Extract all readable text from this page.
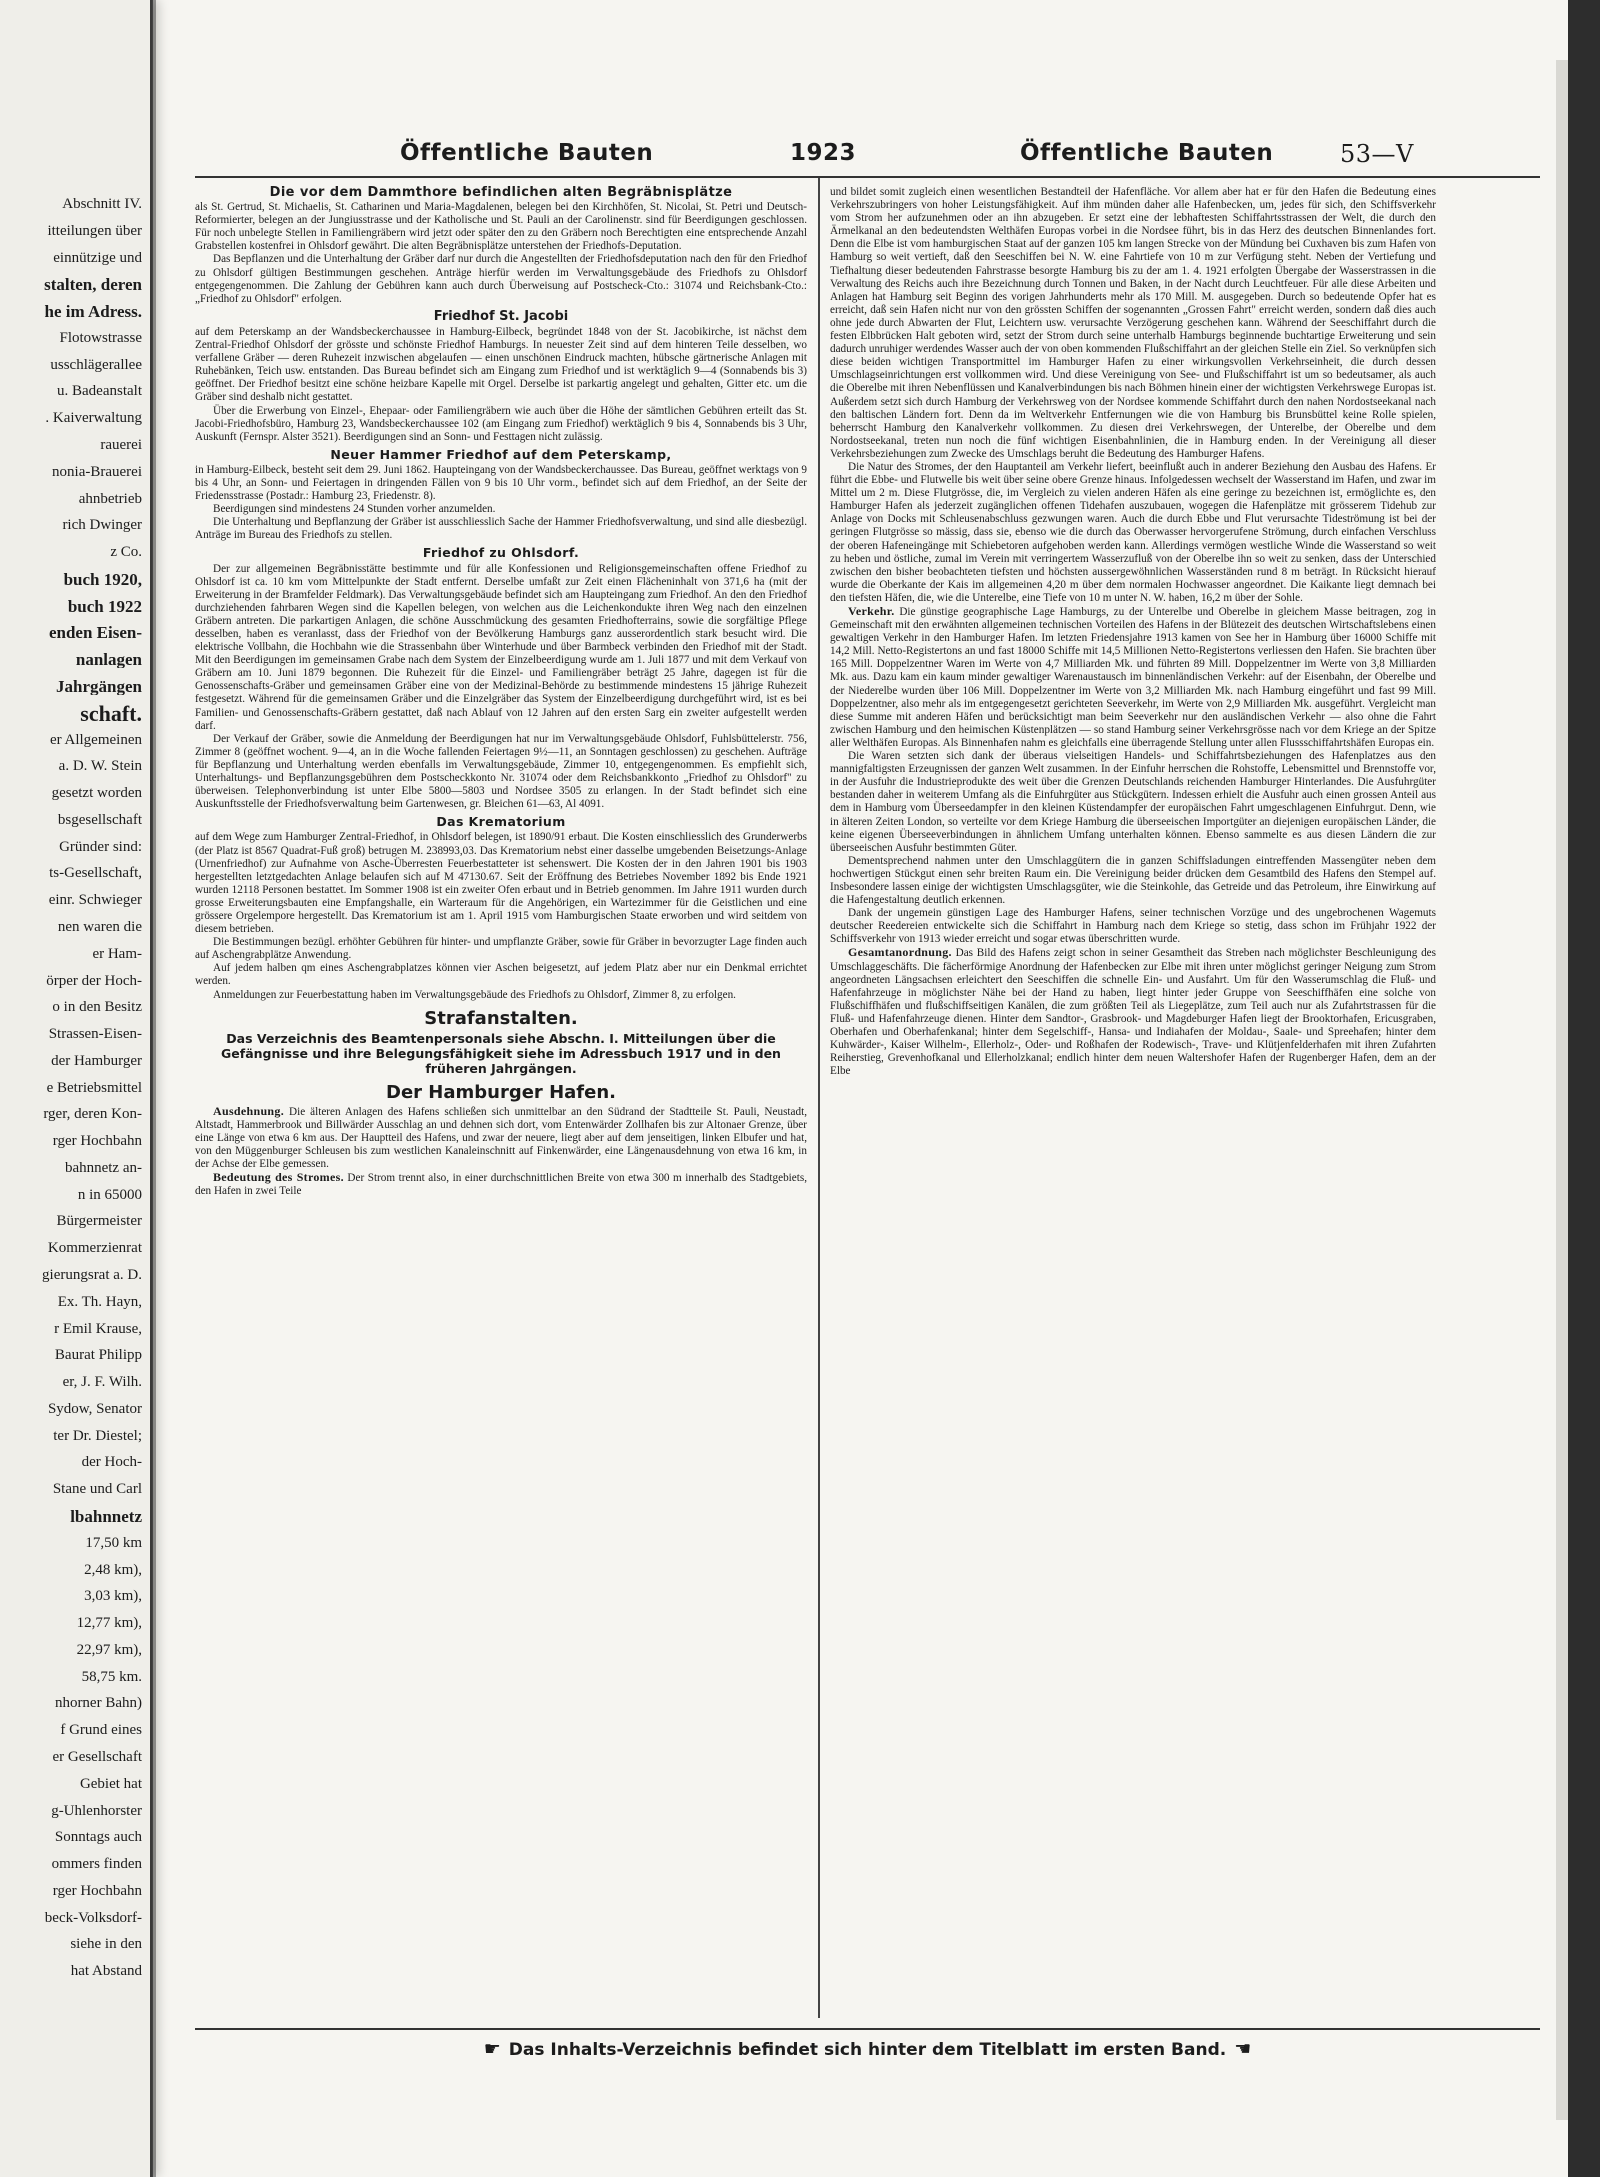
Abschnitt IV.
itteilungen über
einnützige und
stalten, deren
he im Adress.
Flotowstrasse
usschlägerallee
u. Badeanstalt
. Kaiverwaltung
rauerei
nonia-Brauerei
ahnbetrieb
rich Dwinger
z Co.
buch 1920,
buch 1922
enden Eisen-
nanlagen
Jahrgängen
schaft.
er Allgemeinen
a. D. W. Stein
gesetzt worden
bsgesellschaft
Gründer sind:
ts-Gesellschaft,
einr. Schwieger
nen waren die
er Ham-
örper der Hoch-
o in den Besitz
Strassen-Eisen-
der Hamburger
e Betriebsmittel
rger, deren Kon-
rger Hochbahn
bahnnetz an-
n in 65000
Bürgermeister
Kommerzienrat
gierungsrat a. D.
Ex. Th. Hayn,
r Emil Krause,
Baurat Philipp
er, J. F. Wilh.
Sydow, Senator
ter Dr. Diestel;
der Hoch-
Stane und Carl
lbahnnetz
17,50 km
2,48 km),
3,03 km),
12,77 km),
22,97 km),
58,75 km.
nhorner Bahn)
f Grund eines
er Gesellschaft
Gebiet hat
g-Uhlenhorster
Sonntags auch
ommers finden
rger Hochbahn
beck-Volksdorf-
siehe in den
hat Abstand
Öffentliche Bauten	1923	Öffentliche Bauten	53—V
Die vor dem Dammthore befindlichen alten Begräbnisplätze

als St. Gertrud, St. Michaelis, St. Catharinen und Maria-Magdalenen, belegen bei den Kirchhöfen, St. Nicolai, St. Petri und Deutsch-Reformierter, belegen an der Jungiusstrasse und der Katholische und St. Pauli an der Carolinenstr. sind für Beerdigungen geschlossen. Für noch unbelegte Stellen in Familiengräbern wird jetzt oder später den zu den Gräbern noch Berechtigten eine entsprechende Anzahl Grabstellen kostenfrei in Ohlsdorf gewährt. Die alten Begräbnisplätze unterstehen der Friedhofs-Deputation.

Das Bepflanzen und die Unterhaltung der Gräber darf nur durch die Angestellten der Friedhofsdeputation nach den für den Friedhof zu Ohlsdorf gültigen Bestimmungen geschehen. Anträge hierfür werden im Verwaltungsgebäude des Friedhofs zu Ohlsdorf entgegengenommen. Die Zahlung der Gebühren kann auch durch Überweisung auf Postscheck-Cto.: 31074 und Reichsbank-Cto.: „Friedhof zu Ohlsdorf" erfolgen.

Friedhof St. Jacobi

auf dem Peterskamp an der Wandsbeckerchaussee in Hamburg-Eilbeck, begründet 1848 von der St. Jacobikirche, ist nächst dem Zentral-Friedhof Ohlsdorf der grösste und schönste Friedhof Hamburgs. In neuester Zeit sind auf dem hinteren Teile desselben, wo verfallene Gräber — deren Ruhezeit inzwischen abgelaufen — einen unschönen Eindruck machten, hübsche gärtnerische Anlagen mit Ruhebänken, Teich usw. entstanden. Das Bureau befindet sich am Eingang zum Friedhof und ist werktäglich 9—4 (Sonnabends bis 3) geöffnet. Der Friedhof besitzt eine schöne heizbare Kapelle mit Orgel. Derselbe ist parkartig angelegt und gehalten, Gitter etc. um die Gräber sind deshalb nicht gestattet.

Über die Erwerbung von Einzel-, Ehepaar- oder Familiengräbern wie auch über die Höhe der sämtlichen Gebühren erteilt das St. Jacobi-Friedhofsbüro, Hamburg 23, Wandsbeckerchaussee 102 (am Eingang zum Friedhof) werktäglich 9 bis 4, Sonnabends bis 3 Uhr, Auskunft (Fernspr. Alster 3521). Beerdigungen sind an Sonn- und Festtagen nicht zulässig.

Neuer Hammer Friedhof auf dem Peterskamp,

in Hamburg-Eilbeck, besteht seit dem 29. Juni 1862. Haupteingang von der Wandsbeckerchaussee. Das Bureau, geöffnet werktags von 9 bis 4 Uhr, an Sonn- und Feiertagen in dringenden Fällen von 9 bis 10 Uhr vorm., befindet sich auf dem Friedhof, an der Seite der Friedensstrasse (Postadr.: Hamburg 23, Friedenstr. 8).

Beerdigungen sind mindestens 24 Stunden vorher anzumelden.

Die Unterhaltung und Bepflanzung der Gräber ist ausschliesslich Sache der Hammer Friedhofsverwaltung, und sind alle diesbezügl. Anträge im Bureau des Friedhofs zu stellen.

Friedhof zu Ohlsdorf.

Der zur allgemeinen Begräbnisstätte bestimmte und für alle Konfessionen und Religionsgemeinschaften offene Friedhof zu Ohlsdorf ist ca. 10 km vom Mittelpunkte der Stadt entfernt. Derselbe umfaßt zur Zeit einen Flächeninhalt von 371,6 ha (mit der Erweiterung in der Bramfelder Feldmark). Das Verwaltungsgebäude befindet sich am Haupteingang zum Friedhof. An den den Friedhof durchziehenden fahrbaren Wegen sind die Kapellen belegen, von welchen aus die Leichenkondukte ihren Weg nach den einzelnen Gräbern antreten. Die parkartigen Anlagen, die schöne Ausschmückung des gesamten Friedhofterrains, sowie die sorgfältige Pflege desselben, haben es veranlasst, dass der Friedhof von der Bevölkerung Hamburgs ganz ausserordentlich stark besucht wird. Die elektrische Vollbahn, die Hochbahn wie die Strassenbahn über Winterhude und über Barmbeck verbinden den Friedhof mit der Stadt. Mit den Beerdigungen im gemeinsamen Grabe nach dem System der Einzelbeerdigung wurde am 1. Juli 1877 und mit dem Verkauf von Gräbern am 10. Juni 1879 begonnen. Die Ruhezeit für die Einzel- und Familiengräber beträgt 25 Jahre, dagegen ist für die Genossenschafts-Gräber und gemeinsamen Gräber eine von der Medizinal-Behörde zu bestimmende mindestens 15 jährige Ruhezeit festgesetzt. Während für die gemeinsamen Gräber und die Einzelgräber das System der Einzelbeerdigung durchgeführt wird, ist es bei Familien- und Genossenschafts-Gräbern gestattet, daß nach Ablauf von 12 Jahren auf den ersten Sarg ein zweiter aufgestellt werden darf.

Der Verkauf der Gräber, sowie die Anmeldung der Beerdigungen hat nur im Verwaltungsgebäude Ohlsdorf, Fuhlsbüttelerstr. 756, Zimmer 8 (geöffnet wochent. 9—4, an in die Woche fallenden Feiertagen 9½—11, an Sonntagen geschlossen) zu geschehen. Aufträge für Bepflanzung und Unterhaltung werden ebenfalls im Verwaltungsgebäude, Zimmer 10, entgegengenommen. Es empfiehlt sich, Unterhaltungs- und Bepflanzungsgebühren dem Postscheckkonto Nr. 31074 oder dem Reichsbankkonto „Friedhof zu Ohlsdorf" zu überweisen. Telephonverbindung ist unter Elbe 5800—5803 und Nordsee 3505 zu erlangen. In der Stadt befindet sich eine Auskunftsstelle der Friedhofsverwaltung beim Gartenwesen, gr. Bleichen 61—63, Al 4091.

Das Krematorium

auf dem Wege zum Hamburger Zentral-Friedhof, in Ohlsdorf belegen, ist 1890/91 erbaut. Die Kosten einschliesslich des Grunderwerbs (der Platz ist 8567 Quadrat-Fuß groß) betrugen M. 238993,03. Das Krematorium nebst einer dasselbe umgebenden Beisetzungs-Anlage (Urnenfriedhof) zur Aufnahme von Asche-Überresten Feuerbestatteter ist sehenswert. Die Kosten der in den Jahren 1901 bis 1903 hergestellten letztgedachten Anlage belaufen sich auf M 47130.67. Seit der Eröffnung des Betriebes November 1892 bis Ende 1921 wurden 12118 Personen bestattet. Im Sommer 1908 ist ein zweiter Ofen erbaut und in Betrieb genommen. Im Jahre 1911 wurden durch grosse Erweiterungsbauten eine Empfangshalle, ein Warteraum für die Angehörigen, ein Wartezimmer für die Geistlichen und eine grössere Orgelempore hergestellt. Das Krematorium ist am 1. April 1915 vom Hamburgischen Staate erworben und wird seitdem von diesem betrieben.

Die Bestimmungen bezügl. erhöhter Gebühren für hinter- und umpflanzte Gräber, sowie für Gräber in bevorzugter Lage finden auch auf Aschengrabplätze Anwendung.

Auf jedem halben qm eines Aschengrabplatzes können vier Aschen beigesetzt, auf jedem Platz aber nur ein Denkmal errichtet werden.

Anmeldungen zur Feuerbestattung haben im Verwaltungsgebäude des Friedhofs zu Ohlsdorf, Zimmer 8, zu erfolgen.

Strafanstalten.
Das Verzeichnis des Beamtenpersonals siehe Abschn. I. Mitteilungen über die Gefängnisse und ihre Belegungsfähigkeit siehe im Adressbuch 1917 und in den früheren Jahrgängen.
Der Hamburger Hafen.

Ausdehnung. Die älteren Anlagen des Hafens schließen sich unmittelbar an den Südrand der Stadtteile St. Pauli, Neustadt, Altstadt, Hammerbrook und Billwärder Ausschlag an und dehnen sich dort, vom Entenwärder Zollhafen bis zur Altonaer Grenze, über eine Länge von etwa 6 km aus. Der Hauptteil des Hafens, und zwar der neuere, liegt aber auf dem jenseitigen, linken Elbufer und hat, von den Müggenburger Schleusen bis zum westlichen Kanaleinschnitt auf Finkenwärder, eine Längenausdehnung von etwa 16 km, in der Achse der Elbe gemessen.

Bedeutung des Stromes. Der Strom trennt also, in einer durchschnittlichen Breite von etwa 300 m innerhalb des Stadtgebiets, den Hafen in zwei Teile

und bildet somit zugleich einen wesentlichen Bestandteil der Hafenfläche. Vor allem aber hat er für den Hafen die Bedeutung eines Verkehrszubringers von hoher Leistungsfähigkeit. Auf ihm münden daher alle Hafenbecken, um, jedes für sich, den Schiffsverkehr vom Strom her aufzunehmen oder an ihn abzugeben. Er setzt eine der lebhaftesten Schiffahrtsstrassen der Welt, die durch den Ärmelkanal an den bedeutendsten Welthäfen Europas vorbei in die Nordsee führt, bis in das Herz des deutschen Binnenlandes fort. Denn die Elbe ist vom hamburgischen Staat auf der ganzen 105 km langen Strecke von der Mündung bei Cuxhaven bis zum Hafen von Hamburg so weit vertieft, daß den Seeschiffen bei N. W. eine Fahrtiefe von 10 m zur Verfügung steht. Neben der Vertiefung und Tiefhaltung dieser bedeutenden Fahrstrasse besorgte Hamburg bis zu der am 1. 4. 1921 erfolgten Übergabe der Wasserstrassen in die Verwaltung des Reichs auch ihre Bezeichnung durch Tonnen und Baken, in der Nacht durch Leuchtfeuer. Für alle diese Arbeiten und Anlagen hat Hamburg seit Beginn des vorigen Jahrhunderts mehr als 170 Mill. M. ausgegeben. Durch so bedeutende Opfer hat es erreicht, daß sein Hafen nicht nur von den grössten Schiffen der sogenannten „Grossen Fahrt" erreicht werden, sondern daß dies auch ohne jede durch Abwarten der Flut, Leichtern usw. verursachte Verzögerung geschehen kann. Während der Seeschiffahrt durch die festen Elbbrücken Halt geboten wird, setzt der Strom durch seine unterhalb Hamburgs beginnende buchtartige Erweiterung und sein dadurch unruhiger werdendes Wasser auch der von oben kommenden Flußschiffahrt an der gleichen Stelle ein Ziel. So verknüpfen sich diese beiden wichtigen Transportmittel im Hamburger Hafen zu einer wirkungsvollen Verkehrseinheit, die durch dessen Umschlagseinrichtungen erst vollkommen wird. Und diese Vereinigung von See- und Flußschiffahrt ist um so bedeutsamer, als auch die Oberelbe mit ihren Nebenflüssen und Kanalverbindungen bis nach Böhmen hinein einer der wichtigsten Verkehrswege Europas ist. Außerdem setzt sich durch Hamburg der Verkehrsweg von der Nordsee kommende Schiffahrt durch den nahen Nordostseekanal nach den baltischen Ländern fort. Denn da im Weltverkehr Entfernungen wie die von Hamburg bis Brunsbüttel keine Rolle spielen, beherrscht Hamburg den Kanalverkehr vollkommen. Zu diesen drei Verkehrswegen, der Unterelbe, der Oberelbe und dem Nordostseekanal, treten nun noch die fünf wichtigen Eisenbahnlinien, die in Hamburg enden. In der Vereinigung all dieser Verkehrsbeziehungen zum Zwecke des Umschlags beruht die Bedeutung des Hamburger Hafens.

Die Natur des Stromes, der den Hauptanteil am Verkehr liefert, beeinflußt auch in anderer Beziehung den Ausbau des Hafens. Er führt die Ebbe- und Flutwelle bis weit über seine obere Grenze hinaus. Infolgedessen wechselt der Wasserstand im Hafen, und zwar im Mittel um 2 m. Diese Flutgrösse, die, im Vergleich zu vielen anderen Häfen als eine geringe zu bezeichnen ist, ermöglichte es, den Hamburger Hafen als jederzeit zugänglichen offenen Tidehafen auszubauen, wogegen die Hafenplätze mit grösserem Tidehub zur Anlage von Docks mit Schleusenabschluss gezwungen waren. Auch die durch Ebbe und Flut verursachte Tideströmung ist bei der geringen Flutgrösse so mässig, dass sie, ebenso wie die durch das Oberwasser hervorgerufene Strömung, durch einfachen Verschluss der oberen Hafeneingänge mit Schiebetoren aufgehoben werden kann. Allerdings vermögen westliche Winde die Wasserstand so weit zu heben und östliche, zumal im Verein mit verringertem Wasserzufluß von der Oberelbe ihn so weit zu senken, dass der Unterschied zwischen den bisher beobachteten tiefsten und höchsten aussergewöhnlichen Wasserständen rund 8 m beträgt. In Rücksicht hierauf wurde die Oberkante der Kais im allgemeinen 4,20 m über dem normalen Hochwasser angeordnet. Die Kaikante liegt demnach bei den tiefsten Häfen, die, wie die Unterelbe, eine Tiefe von 10 m unter N. W. haben, 16,2 m über der Sohle.

Verkehr. Die günstige geographische Lage Hamburgs, zu der Unterelbe und Oberelbe in gleichem Masse beitragen, zog in Gemeinschaft mit den erwähnten allgemeinen technischen Vorteilen des Hafens in der Blütezeit des deutschen Wirtschaftslebens einen gewaltigen Verkehr in den Hamburger Hafen. Im letzten Friedensjahre 1913 kamen von See her in Hamburg über 16000 Schiffe mit 14,2 Mill. Netto-Registertons an und fast 18000 Schiffe mit 14,5 Millionen Netto-Registertons verliessen den Hafen. Sie brachten über 165 Mill. Doppelzentner Waren im Werte von 4,7 Milliarden Mk. und führten 89 Mill. Doppelzentner im Werte von 3,8 Milliarden Mk. aus. Dazu kam ein kaum minder gewaltiger Warenaustausch im binnenländischen Verkehr: auf der Eisenbahn, der Oberelbe und der Niederelbe wurden über 106 Mill. Doppelzentner im Werte von 3,2 Milliarden Mk. nach Hamburg eingeführt und fast 99 Mill. Doppelzentner, also mehr als im entgegengesetzt gerichteten Seeverkehr, im Werte von 2,9 Milliarden Mk. ausgeführt. Vergleicht man diese Summe mit anderen Häfen und berücksichtigt man beim Seeverkehr nur den ausländischen Verkehr — also ohne die Fahrt zwischen Hamburg und den heimischen Küstenplätzen — so stand Hamburg seiner Verkehrsgrösse nach vor dem Kriege an der Spitze aller Welthäfen Europas. Als Binnenhafen nahm es gleichfalls eine überragende Stellung unter allen Flussschiffahrtshäfen Europas ein.

Die Waren setzten sich dank der überaus vielseitigen Handels- und Schiffahrtsbeziehungen des Hafenplatzes aus den mannigfaltigsten Erzeugnissen der ganzen Welt zusammen. In der Einfuhr herrschen die Rohstoffe, Lebensmittel und Brennstoffe vor, in der Ausfuhr die Industrieprodukte des weit über die Grenzen Deutschlands reichenden Hamburger Hinterlandes. Die Ausfuhrgüter bestanden daher in weiterem Umfang als die Einfuhrgüter aus Stückgütern. Indessen erhielt die Ausfuhr auch einen grossen Anteil aus dem in Hamburg vom Überseedampfer in den kleinen Küstendampfer der europäischen Fahrt umgeschlagenen Einfuhrgut. Denn, wie in älteren Zeiten London, so verteilte vor dem Kriege Hamburg die überseeischen Importgüter an diejenigen europäischen Länder, die keine eigenen Überseeverbindungen in ähnlichem Umfang unterhalten können. Ebenso sammelte es aus diesen Ländern die zur überseeischen Ausfuhr bestimmten Güter.

Dementsprechend nahmen unter den Umschlaggütern die in ganzen Schiffsladungen eintreffenden Massengüter neben dem hochwertigen Stückgut einen sehr breiten Raum ein. Die Vereinigung beider drücken dem Gesamtbild des Hafens den Stempel auf. Insbesondere lassen einige der wichtigsten Umschlagsgüter, wie die Steinkohle, das Getreide und das Petroleum, ihre Einwirkung auf die Hafengestaltung deutlich erkennen.

Dank der ungemein günstigen Lage des Hamburger Hafens, seiner technischen Vorzüge und des ungebrochenen Wagemuts deutscher Reedereien entwickelte sich die Schiffahrt in Hamburg nach dem Kriege so stetig, dass schon im Frühjahr 1922 der Schiffsverkehr von 1913 wieder erreicht und sogar etwas überschritten wurde.

Gesamtanordnung. Das Bild des Hafens zeigt schon in seiner Gesamtheit das Streben nach möglichster Beschleunigung des Umschlaggeschäfts. Die fächerförmige Anordnung der Hafenbecken zur Elbe mit ihren unter möglichst geringer Neigung zum Strom angeordneten Längsachsen erleichtert den Seeschiffen die schnelle Ein- und Ausfahrt. Um für den Wasserumschlag die Fluß- und Hafenfahrzeuge in möglichster Nähe bei der Hand zu haben, liegt hinter jeder Gruppe von Seeschiffhäfen eine solche von Flußschiffhäfen und flußschiffseitigen Kanälen, die zum größten Teil als Liegeplätze, zum Teil auch nur als Zufahrtstrassen für die Fluß- und Hafenfahrzeuge dienen. Hinter dem Sandtor-, Grasbrook- und Magdeburger Hafen liegt der Brooktorhafen, Ericusgraben, Oberhafen und Oberhafenkanal; hinter dem Segelschiff-, Hansa- und Indiahafen der Moldau-, Saale- und Spreehafen; hinter dem Kuhwärder-, Kaiser Wilhelm-, Ellerholz-, Oder- und Roßhafen der Rodewisch-, Trave- und Klütjenfelderhafen mit ihren Zufahrten Reiherstieg, Grevenhofkanal und Ellerholzkanal; endlich hinter dem neuen Waltershofer Hafen der Rugenberger Hafen, dem an der Elbe

☛ Das Inhalts-Verzeichnis befindet sich hinter dem Titelblatt im ersten Band. ☚
